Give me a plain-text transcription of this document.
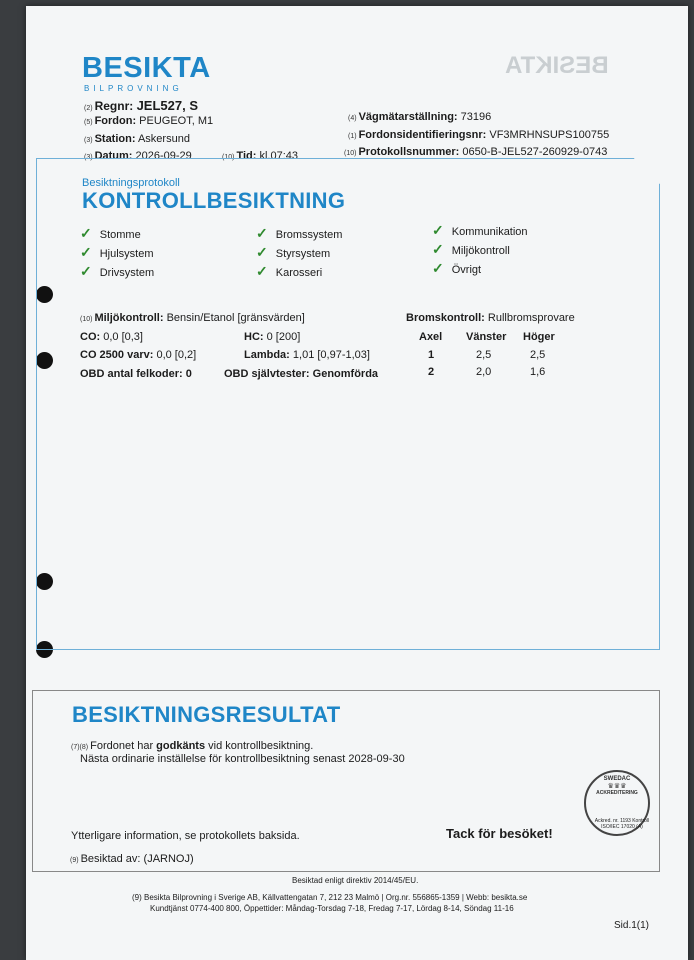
BESIKTA
BILPROVNING
BESIKTA
(2) Regnr: JEL527, S
(5) Fordon: PEUGEOT, M1
(3) Station: Askersund
(3) Datum: 2026-09-29	(10) Tid: kl.07:43
(4) Vägmätarställning: 73196
(1) Fordonsidentifieringsnr: VF3MRHNSUPS100755
(10) Protokollsnummer: 0650-B-JEL527-260929-0743
Besiktningsprotokoll
KONTROLLBESIKTNING
✓ Stomme
✓ Hjulsystem
✓ Drivsystem
✓ Bromssystem
✓ Styrsystem
✓ Karosseri
✓ Kommunikation
✓ Miljökontroll
✓ Övrigt
(10) Miljökontroll: Bensin/Etanol [gränsvärden]
CO: 0,0 [0,3]	HC: 0 [200]
CO 2500 varv: 0,0 [0,2]	Lambda: 1,01 [0,97-1,03]
OBD antal felkoder: 0	OBD självtester: Genomförda
Bromskontroll: Rullbromsprovare
Axel Vänster Höger
1	2,5	2,5
2	2,0	1,6
BESIKTNINGSRESULTAT
(7)(8) Fordonet har godkänts vid kontrollbesiktning.
Nästa ordinarie inställelse för kontrollbesiktning senast 2028-09-30
SWEDAC
♛♛♛
ACKREDITERING
Ackred. nr. 1193 Kontroll ISO/IEC 17020 (A)
Ytterligare information, se protokollets baksida.	Tack för besöket!
(9) Besiktad av: (JARNOJ)
Besiktad enligt direktiv 2014/45/EU.
(9) Besikta Bilprovning i Sverige AB, Källvattengatan 7, 212 23 Malmö | Org.nr. 556865-1359 | Webb: besikta.se
Kundtjänst 0774-400 800, Öppettider: Måndag-Torsdag 7-18, Fredag 7-17, Lördag 8-14, Söndag 11-16
Sid.1(1)
